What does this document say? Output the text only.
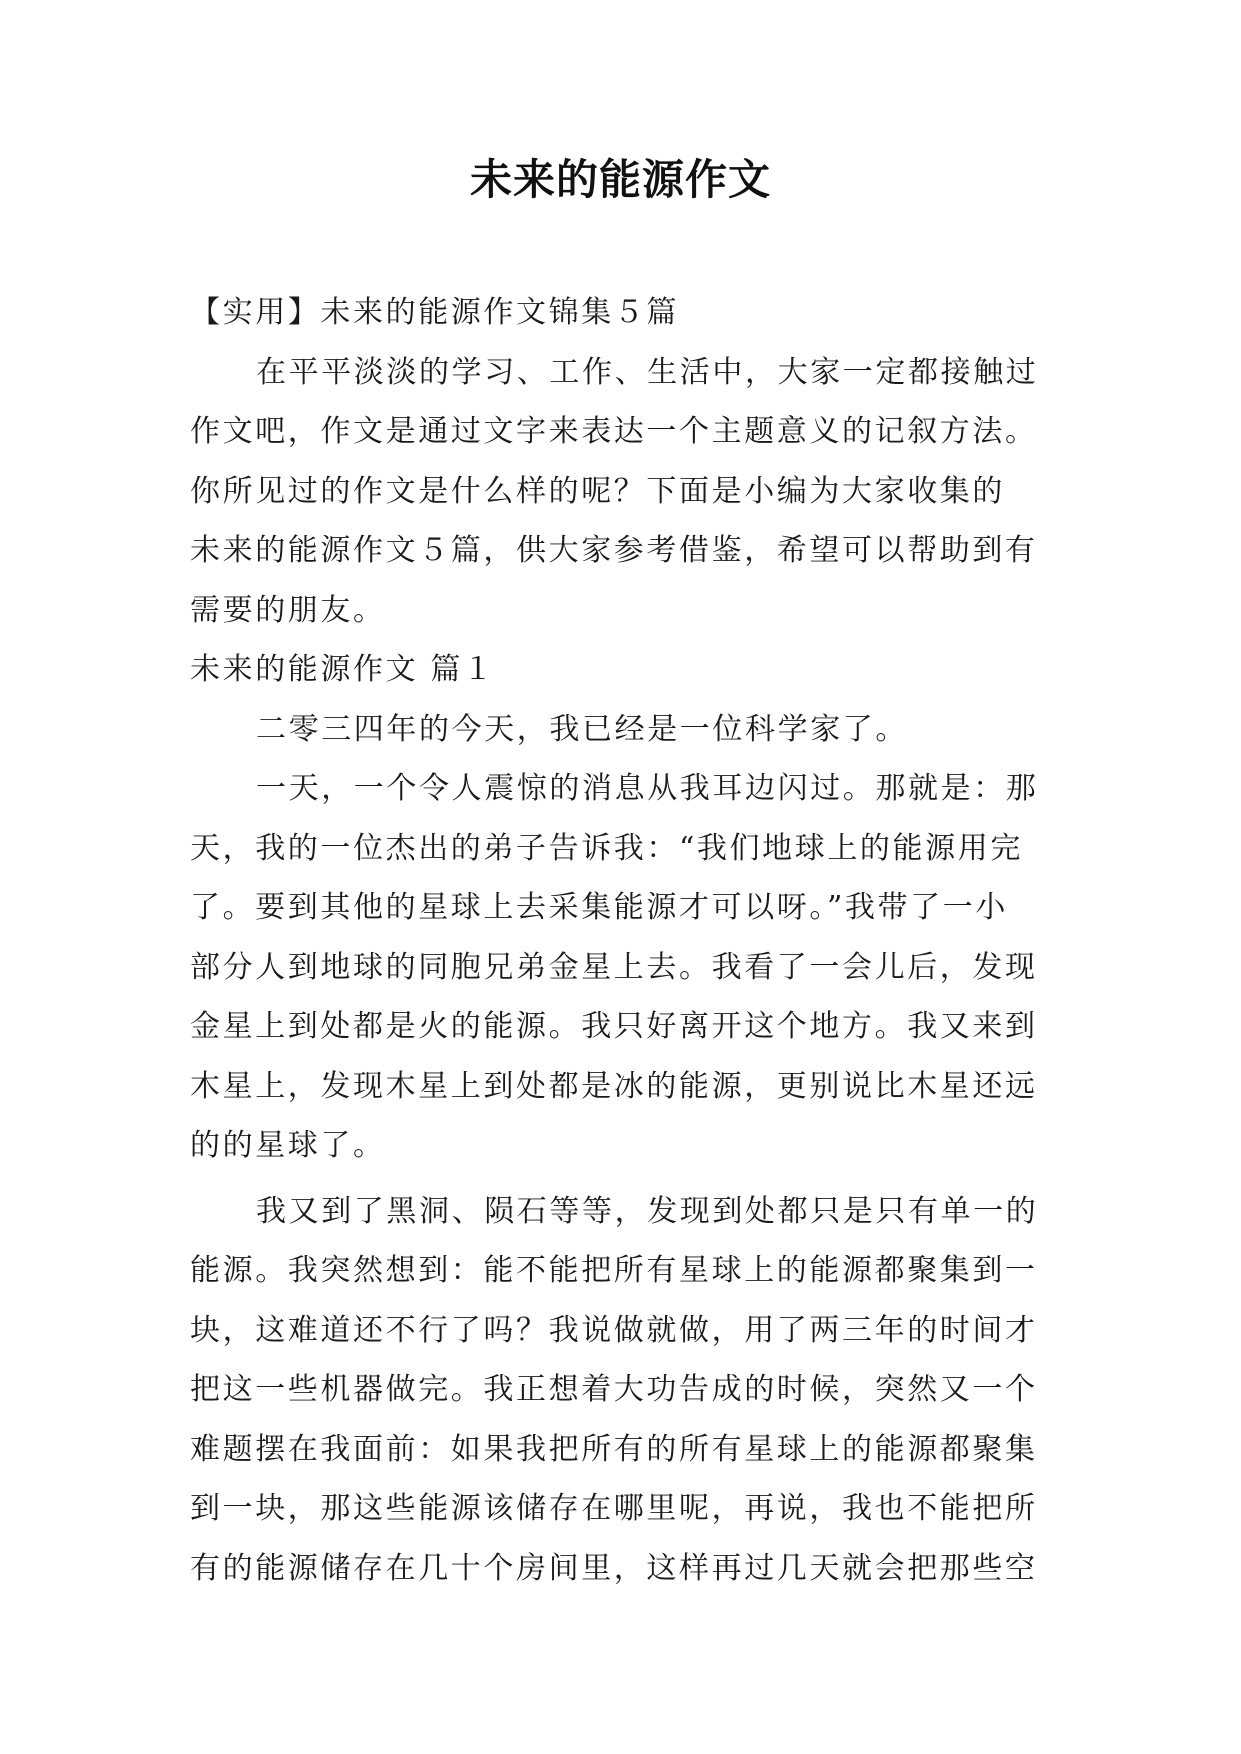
未来的能源作文
【实用】未来的能源作文锦集５篇
在平平淡淡的学习、工作、生活中，大家一定都接触过
作文吧，作文是通过文字来表达一个主题意义的记叙方法。
你所见过的作文是什么样的呢？下面是小编为大家收集的
未来的能源作文５篇，供大家参考借鉴，希望可以帮助到有
需要的朋友。
未来的能源作文 篇１
二零三四年的今天，我已经是一位科学家了。
一天，一个令人震惊的消息从我耳边闪过。那就是：那
天，我的一位杰出的弟子告诉我：“我们地球上的能源用完
了。要到其他的星球上去采集能源才可以呀。”我带了一小
部分人到地球的同胞兄弟金星上去。我看了一会儿后，发现
金星上到处都是火的能源。我只好离开这个地方。我又来到
木星上，发现木星上到处都是冰的能源，更别说比木星还远
的的星球了。
我又到了黑洞、陨石等等，发现到处都只是只有单一的
能源。我突然想到：能不能把所有星球上的能源都聚集到一
块，这难道还不行了吗？我说做就做，用了两三年的时间才
把这一些机器做完。我正想着大功告成的时候，突然又一个
难题摆在我面前：如果我把所有的所有星球上的能源都聚集
到一块，那这些能源该储存在哪里呢，再说，我也不能把所
有的能源储存在几十个房间里，这样再过几天就会把那些空
